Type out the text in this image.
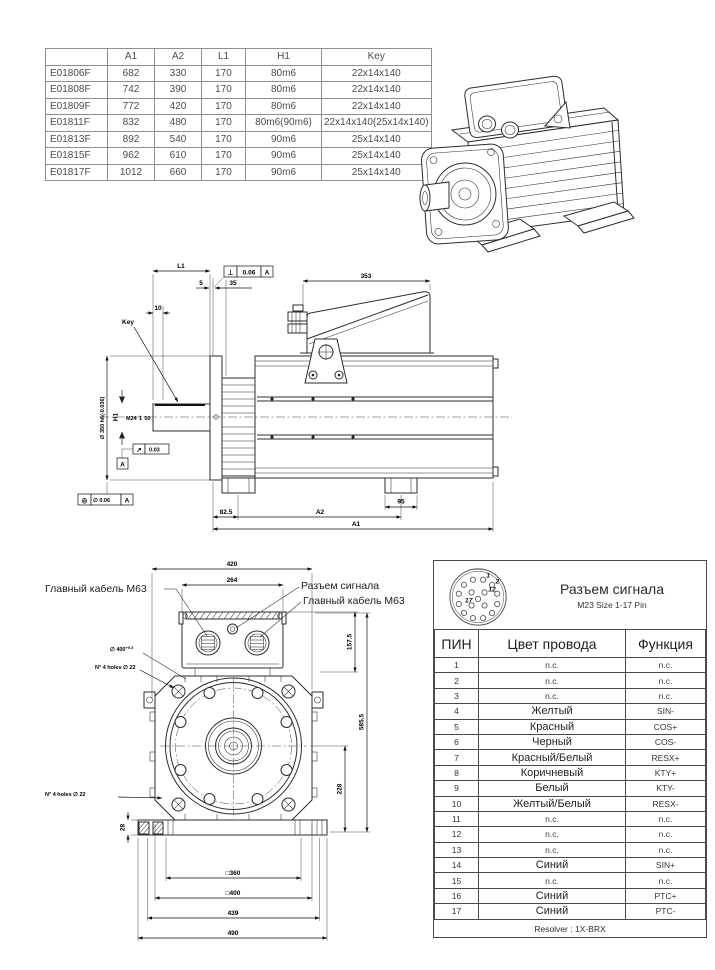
	A1	A2	L1	H1	Key
E01806F	682	330	170	80m6	22x14x140
E01808F	742	390	170	80m6	22x14x140
E01809F	772	420	170	80m6	22x14x140
E01811F	832	480	170	80m6(90m6)	22x14x140(25x14x140)
E01813F	892	540	170	90m6	25x14x140
E01815F	962	610	170	90m6	25x14x140
E01817F	1012	660	170	90m6	25x14x140
L1
⊥ 0.06 A
5	35
10
Key
353
∅ 350 h6(-0.036) H1 M24 ↧ 50
↗ 0.03
A
◎ ∅ 0.06 A
82.5	A2
A1
95
Главный кабель M63	Разъем сигнала
Главный кабель M63
∅ $400^{+0.3}$
N° 4 holes ∅ 22
N° 4 holes ∅ 22
420
264
157.5
585.5
228
28
□360
□400
439
490
1
2
12
17
Разъем сигнала
M23 Size 1-17 Pin
ПИН	Цвет провода	Функция
1	n.c.	n.c.
2	n.c.	n.c.
3	n.c.	n.c.
4	Желтый	SIN-
5	Красный	COS+
6	Черный	COS-
7	Красный/Белый	RESX+
8	Коричневый	KTY+
9	Белый	KTY-
10	Желтый/Белый	RESX-
11	n.c.	n.c.
12	n.c.	n.c.
13	n.c.	n.c.
14	Синий	SIN+
15	n.c.	n.c.
16	Синий	PTC+
17	Синий	PTC-
Resolver : 1X-BRX
